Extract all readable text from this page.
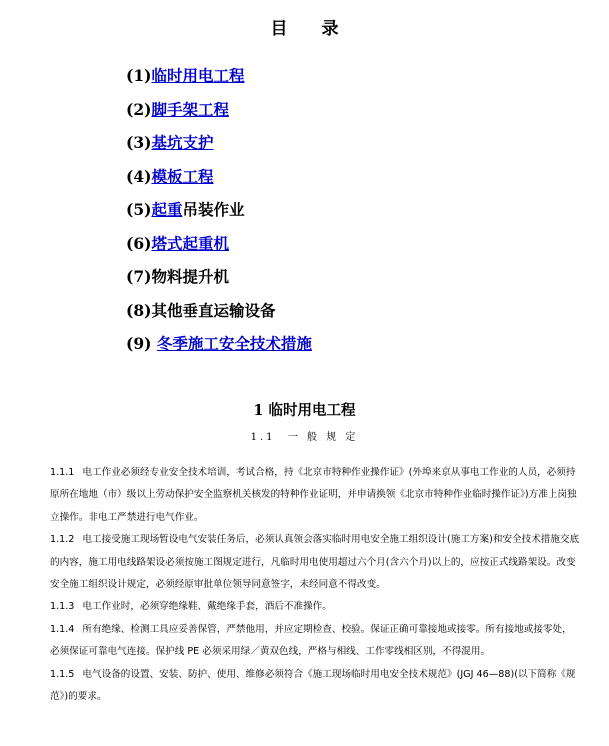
目 录
(1)临时用电工程
(2)脚手架工程
(3)基坑支护
(4)模板工程
(5)起重吊装作业
(6)塔式起重机
(7)物料提升机
(8)其他垂直运输设备
(9) 冬季施工安全技术措施
1 临时用电工程
1.1  一 般 规 定

1.1.1 电工作业必须经专业安全技术培训，考试合格，持《北京市特种作业操作证》(外埠来京从事电工作业的人员，必须持原所在地地（市）级以上劳动保护安全监察机关核发的特种作业证明，并申请换领《北京市特种作业临时操作证》)方准上岗独立操作。非电工严禁进行电气作业。

1.1.2 电工接受施工现场暂设电气安装任务后，必须认真领会落实临时用电安全施工组织设计(施工方案)和安全技术措施交底的内容，施工用电线路架设必须按施工图规定进行，凡临时用电使用超过六个月(含六个月)以上的，应按正式线路架设。改变安全施工组织设计规定，必须经原审批单位领导同意签字，未经同意不得改变。

1.1.3 电工作业时，必须穿绝缘鞋、戴绝缘手套，酒后不准操作。

1.1.4 所有绝缘、检测工具应妥善保管，严禁他用，并应定期检查、校验。保证正确可靠接地或接零。所有接地或接零处，必须保证可靠电气连接。保护线 PE 必须采用绿／黄双色线，严格与相线、工作零线相区别，不得混用。

1.1.5 电气设备的设置、安装、防护、使用、维修必须符合《施工现场临时用电安全技术规范》(JGJ 46—88)(以下简称《规范》)的要求。
